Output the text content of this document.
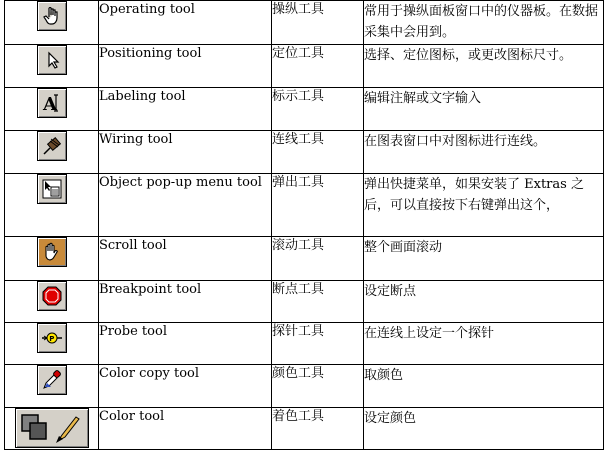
	Operating tool	操纵工具	常用于操纵面板窗口中的仪器板。在数据采集中会用到。

	Positioning tool	定位工具	选择、定位图标，或更改图标尺寸。

A	Labeling tool	标示工具	编辑注解或文字输入

	Wiring tool	连线工具	在图表窗口中对图标进行连线。

	Object pop-up menu tool	弹出工具	弹出快捷菜单，如果安装了 Extras 之后，可以直接按下右键弹出这个，

	Scroll tool	滚动工具	整个画面滚动

	Breakpoint tool	断点工具	设定断点

P	Probe tool	探针工具	在连线上设定一个探针

	Color copy tool	颜色工具	取颜色

	Color tool	着色工具	设定颜色
